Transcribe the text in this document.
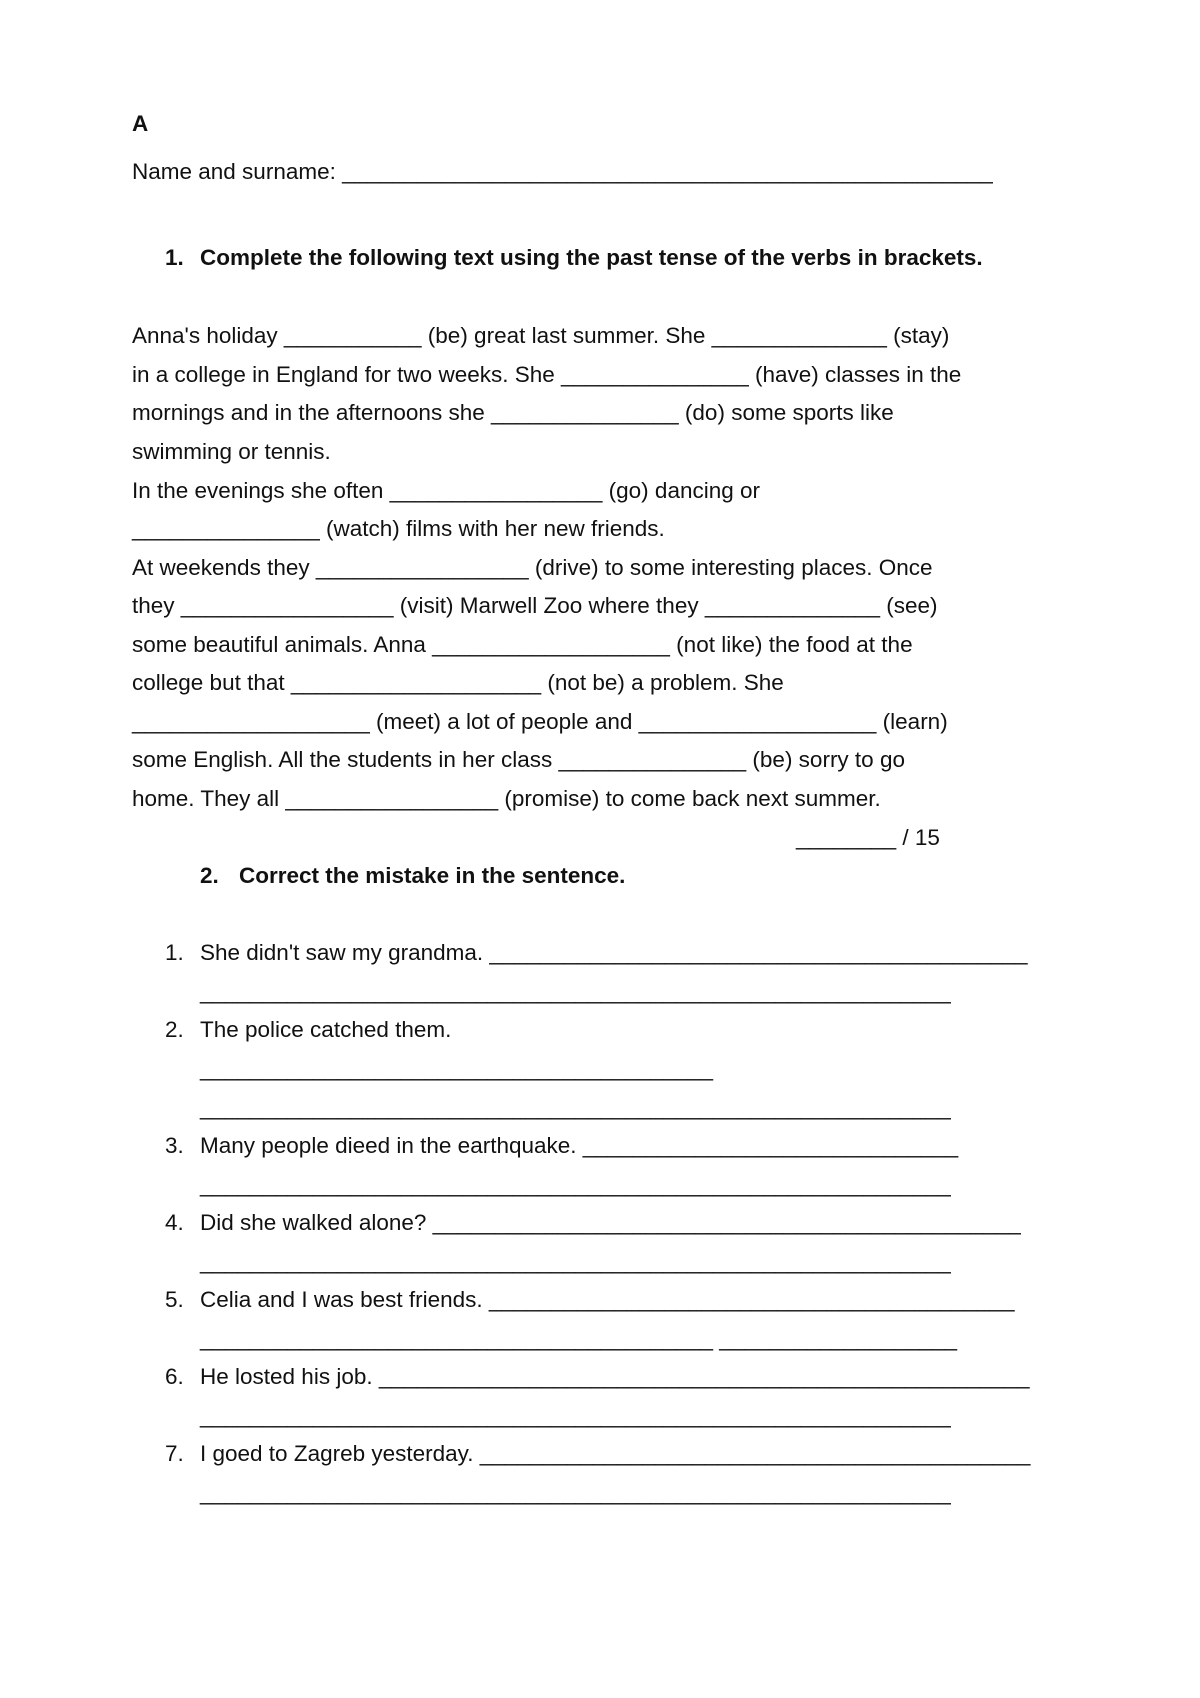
A
Name and surname: ____________________________________________________
1. Complete the following text using the past tense of the verbs in brackets.
Anna's holiday ___________ (be) great last summer. She ______________ (stay)
in a college in England for two weeks. She _______________ (have) classes in the
mornings and in the afternoons she _______________ (do) some sports like
swimming or tennis.
In the evenings she often _________________ (go) dancing or
_______________ (watch) films with her new friends.
At weekends they _________________ (drive) to some interesting places. Once
they _________________ (visit) Marwell Zoo where they ______________ (see)
some beautiful animals. Anna ___________________ (not like) the food at the
college but that ____________________ (not be) a problem. She
___________________ (meet) a lot of people and ___________________ (learn)
some English. All the students in her class _______________ (be) sorry to go
home. They all _________________ (promise) to come back next summer.
________ / 15
2. Correct the mistake in the sentence.
1. She didn't saw my grandma. ___________________________________________
____________________________________________________________
2. The police catched them.
_________________________________________
____________________________________________________________
3. Many people dieed in the earthquake. ______________________________
____________________________________________________________
4. Did she walked alone? _______________________________________________
____________________________________________________________
5. Celia and I was best friends. __________________________________________
_________________________________________ ___________________
6. He losted his job. ____________________________________________________
____________________________________________________________
7. I goed to Zagreb yesterday. ____________________________________________
____________________________________________________________
